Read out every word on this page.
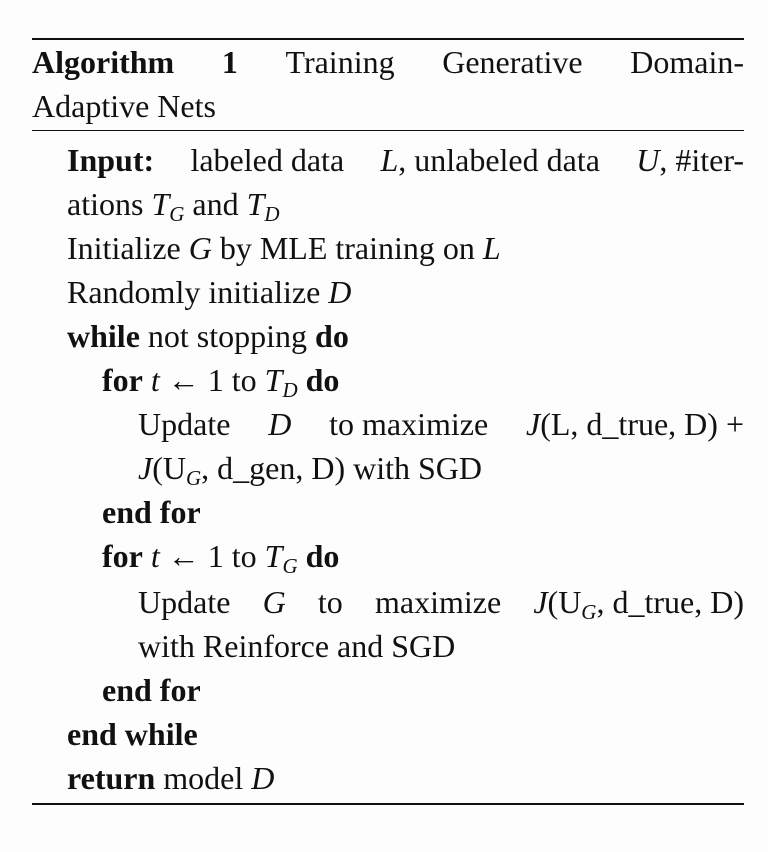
Algorithm 1 Training Generative Domain-
Adaptive Nets
Input: labeled data L, unlabeled data U, #iter-
ations $T_G$ and $T_D$
Initialize G by MLE training on L
Randomly initialize D
while not stopping do
for t ← 1 to $T_D$ do
Update D to maximize J(L, d_true, D) +
$J(U_G$, d_gen, D) with SGD
end for
for t ← 1 to $T_G$ do
Update G to maximize $J(U_G$, d_true, D)
with Reinforce and SGD
end for
end while
return model D
